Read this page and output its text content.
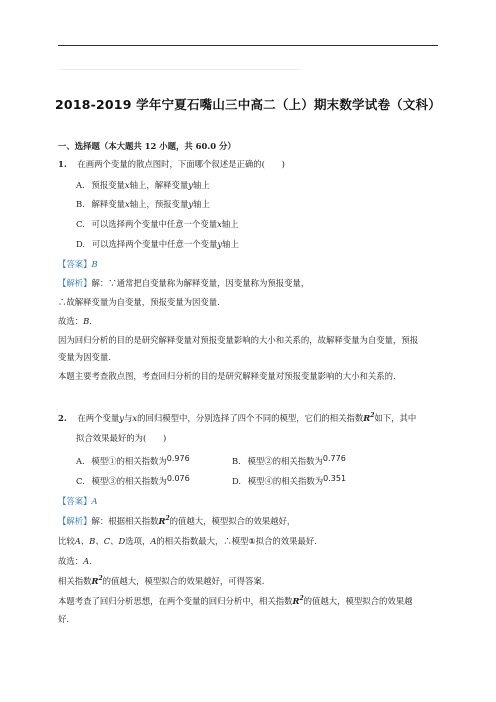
2018-2019 学年宁夏石嘴山三中高二（上）期末数学试卷（文科）
一、选择题（本大题共 12 小题，共 60.0 分）
1. 在画两个变量的散点图时，下面哪个叙述是正确的(　　)
A. 预报变量x轴上，解释变量y轴上
B. 解释变量x轴上，预报变量y轴上
C. 可以选择两个变量中任意一个变量x轴上
D. 可以选择两个变量中任意一个变量y轴上
【答案】B
【解析】解：∵通常把自变量称为解释变量，因变量称为预报变量，
∴故解释变量为自变量，预报变量为因变量.
故选：B.
因为回归分析的目的是研究解释变量对预报变量影响的大小和关系的，故解释变量为自变量，预报
变量为因变量.
本题主要考查散点图，考查回归分析的目的是研究解释变量对预报变量影响的大小和关系的.
2. 在两个变量y与x的回归模型中，分别选择了四个不同的模型，它们的相关指数$R^2$如下，其中
拟合效果最好的为(　　)
A. 模型①的相关指数为0.976	B. 模型②的相关指数为0.776
C. 模型③的相关指数为0.076	D. 模型④的相关指数为0.351
【答案】A
【解析】解：根据相关指数$R^2$的值越大，模型拟合的效果越好，
比较A、B、C、D选项，A的相关指数最大，∴模型①拟合的效果最好.
故选：A.
相关指数$R^2$的值越大，模型拟合的效果越好，可得答案.
本题考查了回归分析思想，在两个变量的回归分析中，相关指数$R^2$的值越大，模型拟合的效果越
好.
· · ·
